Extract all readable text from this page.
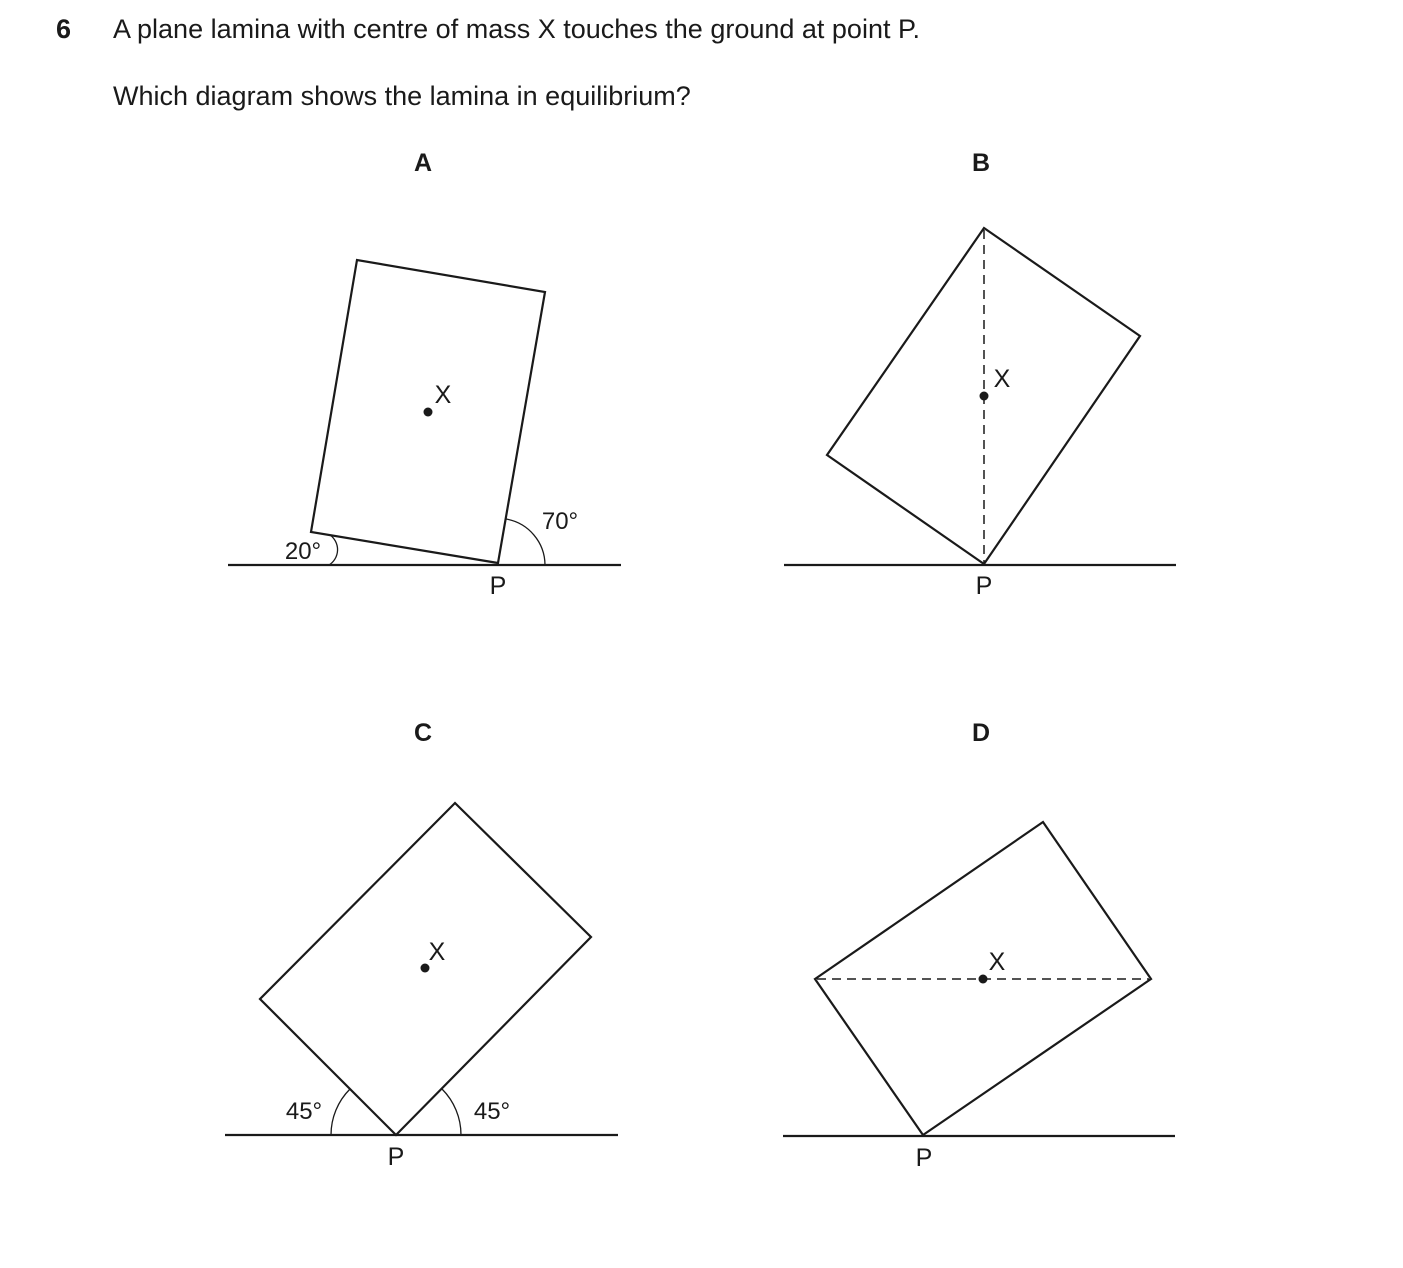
6 A plane lamina with centre of mass X touches the ground at point P.
Which diagram shows the lamina in equilibrium?
A
X
P
20°
70°
B
X
P
C
X
P
45°	45°
D
X
P
